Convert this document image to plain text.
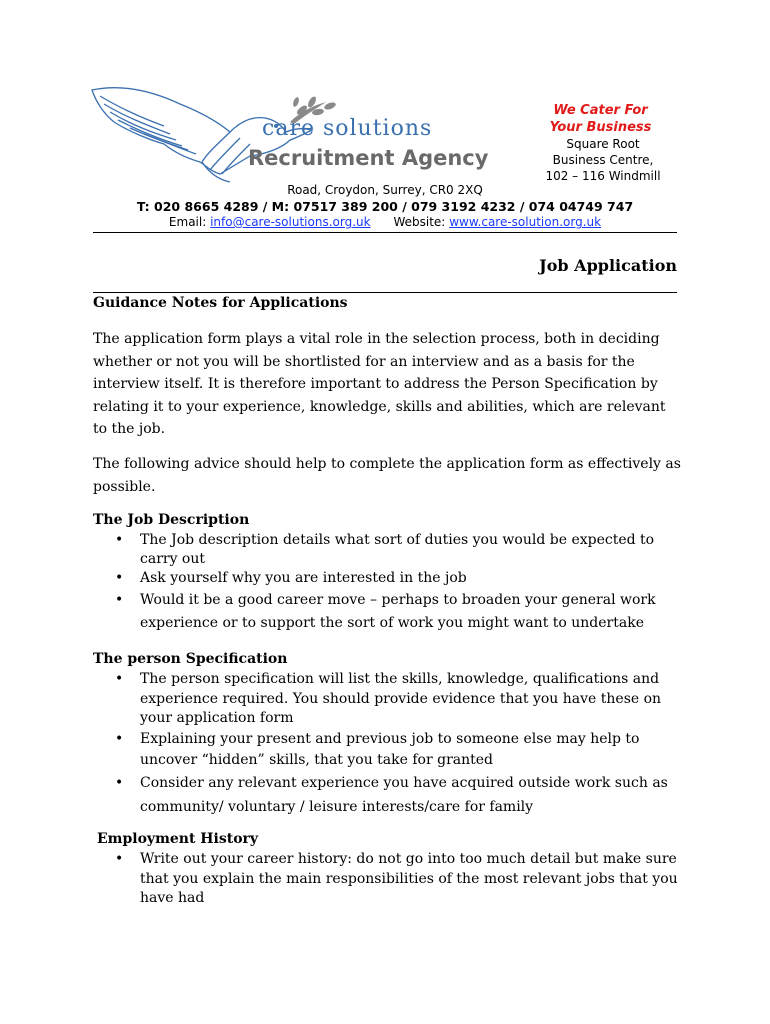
care solutions
Recruitment Agency
We Cater For
Your Business
Square Root
Business Centre,
102 – 116 Windmill
Road, Croydon, Surrey, CR0 2XQ
T: 020 8665 4289 / M: 07517 389 200 / 079 3192 4232 / 074 04749 747
Email: info@care-solutions.org.uk Website: www.care-solution.org.uk
Job Application
Guidance Notes for Applications
The application form plays a vital role in the selection process, both in deciding whether or not you will be shortlisted for an interview and as a basis for the interview itself. It is therefore important to address the Person Specification by relating it to your experience, knowledge, skills and abilities, which are relevant to the job.
The following advice should help to complete the application form as effectively as possible.
The Job Description
• The Job description details what sort of duties you would be expected to carry out
• Ask yourself why you are interested in the job
• Would it be a good career move – perhaps to broaden your general work experience or to support the sort of work you might want to undertake
The person Specification
• The person specification will list the skills, knowledge, qualifications and experience required. You should provide evidence that you have these on your application form
• Explaining your present and previous job to someone else may help to uncover “hidden” skills, that you take for granted
• Consider any relevant experience you have acquired outside work such as community/ voluntary / leisure interests/care for family
Employment History
• Write out your career history: do not go into too much detail but make sure that you explain the main responsibilities of the most relevant jobs that you have had
